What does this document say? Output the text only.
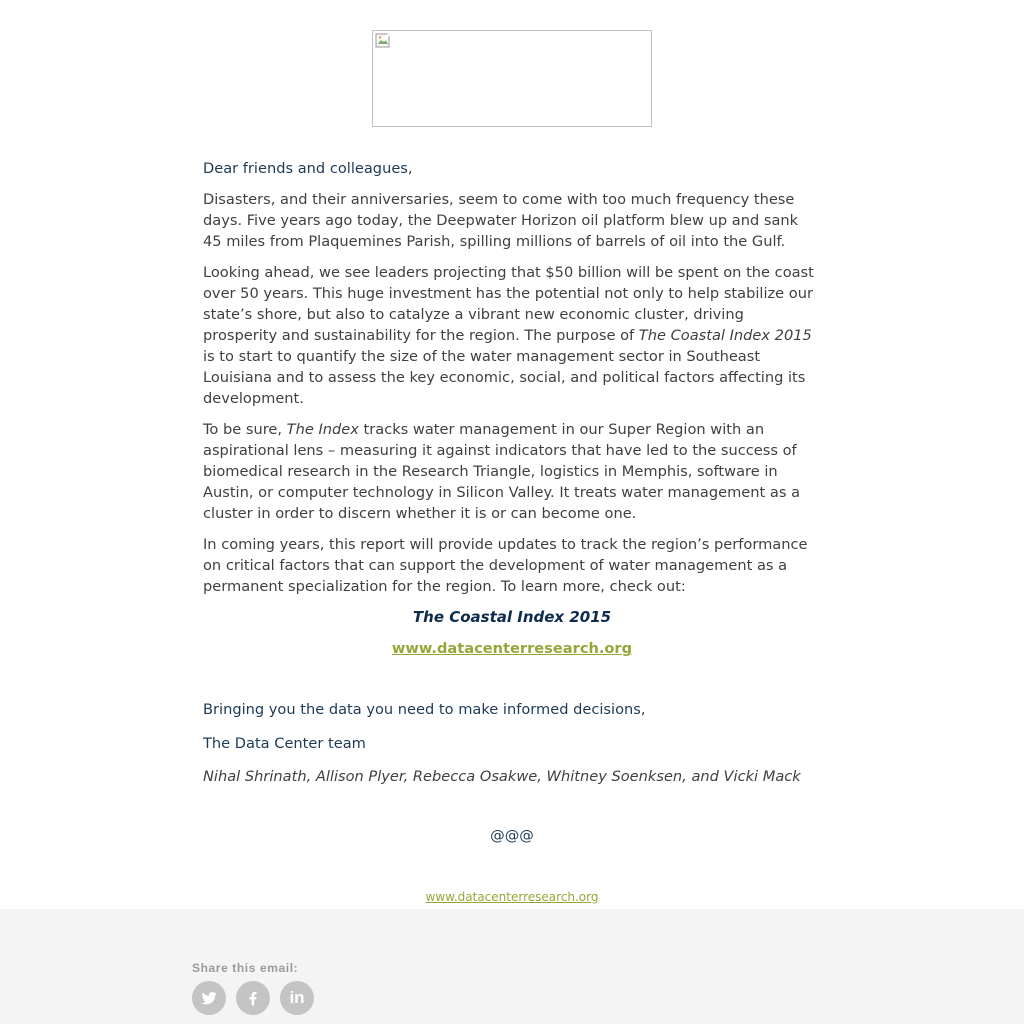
Dear friends and colleagues,

Disasters, and their anniversaries, seem to come with too much frequency these days. Five years ago today, the Deepwater Horizon oil platform blew up and sank 45 miles from Plaquemines Parish, spilling millions of barrels of oil into the Gulf.

Looking ahead, we see leaders projecting that $50 billion will be spent on the coast over 50 years. This huge investment has the potential not only to help stabilize our state’s shore, but also to catalyze a vibrant new economic cluster, driving prosperity and sustainability for the region. The purpose of The Coastal Index 2015 is to start to quantify the size of the water management sector in Southeast Louisiana and to assess the key economic, social, and political factors affecting its development.

To be sure, The Index tracks water management in our Super Region with an aspirational lens – measuring it against indicators that have led to the success of biomedical research in the Research Triangle, logistics in Memphis, software in Austin, or computer technology in Silicon Valley. It treats water management as a cluster in order to discern whether it is or can become one.

In coming years, this report will provide updates to track the region’s performance on critical factors that can support the development of water management as a permanent specialization for the region. To learn more, check out:

The Coastal Index 2015

www.datacenterresearch.org

Bringing you the data you need to make informed decisions,

The Data Center team

Nihal Shrinath, Allison Plyer, Rebecca Osakwe, Whitney Soenksen, and Vicki Mack

@@@

www.datacenterresearch.org

Share this email:
in
